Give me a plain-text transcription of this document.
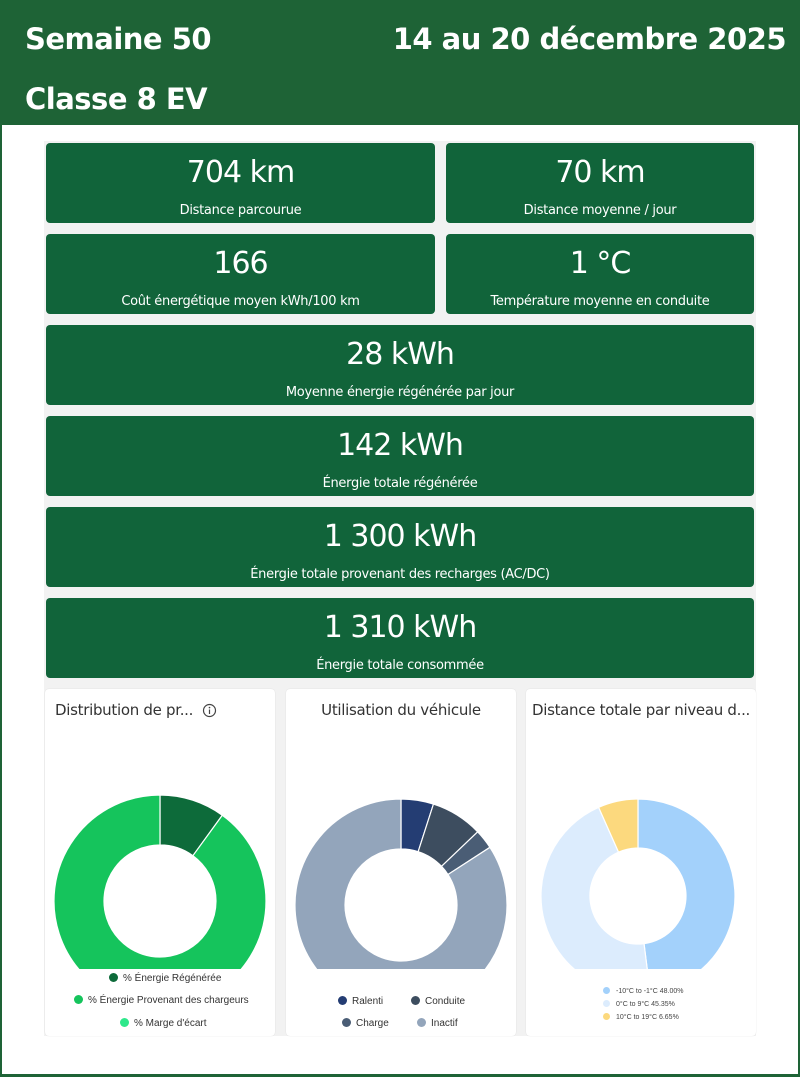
Semaine 50	14 au 20 décembre 2025
Classe 8 EV
704 km
Distance parcourue
70 km
Distance moyenne / jour
166
Coût énergétique moyen kWh/100 km
1 °C
Température moyenne en conduite
28 kWh
Moyenne énergie régénérée par jour
142 kWh
Énergie totale régénérée
1 300 kWh
Énergie totale provenant des recharges (AC/DC)
1 310 kWh
Énergie totale consommée
Distribution de pr...
10%
90%
0%
% Énergie Régénérée
% Énergie Provenant des chargeurs
% Marge d'écart
Utilisation du véhicule
5%
8%
3%
85%
Ralenti	Conduite
Charge	Inactif
Distance totale par niveau d...
-10°C to -1°C 48.00%
0°C to 9°C 45.35%
10°C to 19°C 6.65%
